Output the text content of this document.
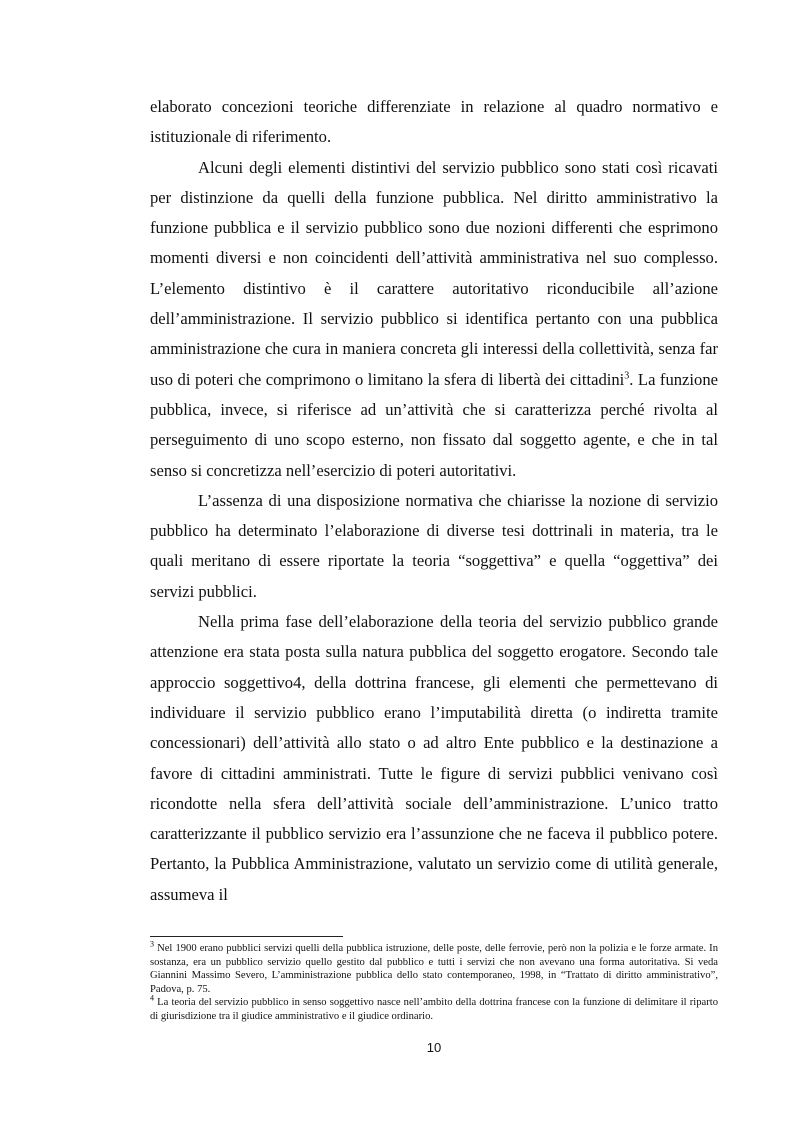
elaborato concezioni teoriche differenziate in relazione al quadro normativo e istituzionale di riferimento.

Alcuni degli elementi distintivi del servizio pubblico sono stati così ricavati per distinzione da quelli della funzione pubblica. Nel diritto amministrativo la funzione pubblica e il servizio pubblico sono due nozioni differenti che esprimono momenti diversi e non coincidenti dell’attività amministrativa nel suo complesso. L’elemento distintivo è il carattere autoritativo riconducibile all’azione dell’amministrazione. Il servizio pubblico si identifica pertanto con una pubblica amministrazione che cura in maniera concreta gli interessi della collettività, senza far uso di poteri che comprimono o limitano la sfera di libertà dei cittadini$^3$. La funzione pubblica, invece, si riferisce ad un’attività che si caratterizza perché rivolta al perseguimento di uno scopo esterno, non fissato dal soggetto agente, e che in tal senso si concretizza nell’esercizio di poteri autoritativi.

L’assenza di una disposizione normativa che chiarisse la nozione di servizio pubblico ha determinato l’elaborazione di diverse tesi dottrinali in materia, tra le quali meritano di essere riportate la teoria “soggettiva” e quella “oggettiva” dei servizi pubblici.

Nella prima fase dell’elaborazione della teoria del servizio pubblico grande attenzione era stata posta sulla natura pubblica del soggetto erogatore. Secondo tale approccio soggettivo4, della dottrina francese, gli elementi che permettevano di individuare il servizio pubblico erano l’imputabilità diretta (o indiretta tramite concessionari) dell’attività allo stato o ad altro Ente pubblico e la destinazione a favore di cittadini amministrati. Tutte le figure di servizi pubblici venivano così ricondotte nella sfera dell’attività sociale dell’amministrazione. L’unico tratto caratterizzante il pubblico servizio era l’assunzione che ne faceva il pubblico potere. Pertanto, la Pubblica Amministrazione, valutato un servizio come di utilità generale, assumeva il

$^3$ Nel 1900 erano pubblici servizi quelli della pubblica istruzione, delle poste, delle ferrovie, però non la polizia e le forze armate. In sostanza, era un pubblico servizio quello gestito dal pubblico e tutti i servizi che non avevano una forma autoritativa. Si veda Giannini Massimo Severo, L’amministrazione pubblica dello stato contemporaneo, 1998, in “Trattato di diritto amministrativo”, Padova, p. 75.

$^4$ La teoria del servizio pubblico in senso soggettivo nasce nell’ambito della dottrina francese con la funzione di delimitare il riparto di giurisdizione tra il giudice amministrativo e il giudice ordinario.

10
